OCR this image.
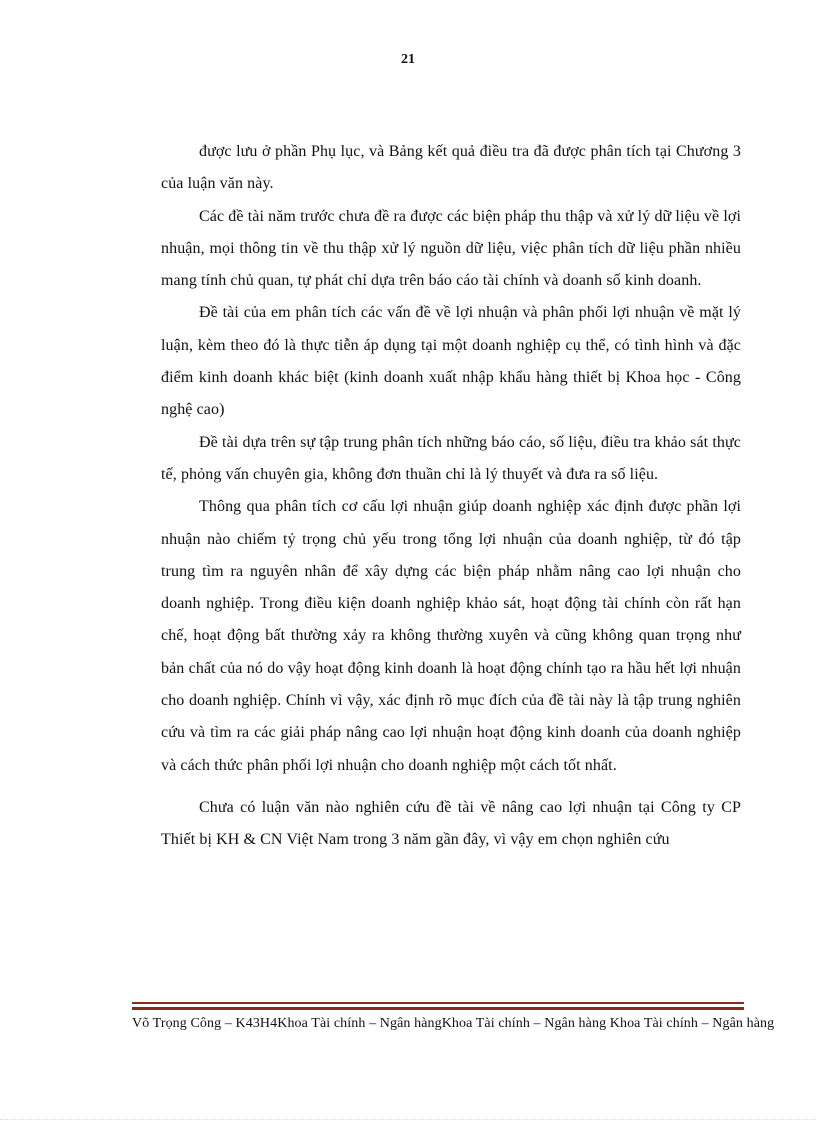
21

được lưu ở phần Phụ lục, và Bảng kết quả điều tra đã được phân tích tại Chương 3 của luận văn này.

Các đề tài năm trước chưa đề ra được các biện pháp thu thập và xử lý dữ liệu về lợi nhuận, mọi thông tin về thu thập xử lý nguồn dữ liệu, việc phân tích dữ liệu phần nhiều mang tính chủ quan, tự phát chỉ dựa trên báo cáo tài chính và doanh số kinh doanh.

Đề tài của em phân tích các vấn đề về lợi nhuận và phân phối lợi nhuận về mặt lý luận, kèm theo đó là thực tiễn áp dụng tại một doanh nghiệp cụ thể, có tình hình và đặc điểm kinh doanh khác biệt (kinh doanh xuất nhập khẩu hàng thiết bị Khoa học - Công nghệ cao)

Đề tài dựa trên sự tập trung phân tích những báo cáo, số liệu, điều tra khảo sát thực tế, phỏng vấn chuyên gia, không đơn thuần chỉ là lý thuyết và đưa ra số liệu.

Thông qua phân tích cơ cấu lợi nhuận giúp doanh nghiệp xác định được phần lợi nhuận nào chiếm tỷ trọng chủ yếu trong tổng lợi nhuận của doanh nghiệp, từ đó tập trung tìm ra nguyên nhân để xây dựng các biện pháp nhằm nâng cao lợi nhuận cho doanh nghiệp. Trong điều kiện doanh nghiệp khảo sát, hoạt động tài chính còn rất hạn chế, hoạt động bất thường xảy ra không thường xuyên và cũng không quan trọng như bản chất của nó do vậy hoạt động kinh doanh là hoạt động chính tạo ra hầu hết lợi nhuận cho doanh nghiệp. Chính vì vậy, xác định rõ mục đích của đề tài này là tập trung nghiên cứu và tìm ra các giải pháp nâng cao lợi nhuận hoạt động kinh doanh của doanh nghiệp và cách thức phân phối lợi nhuận cho doanh nghiệp một cách tốt nhất.

Chưa có luận văn nào nghiên cứu đề tài về nâng cao lợi nhuận tại Công ty CP Thiết bị KH & CN Việt Nam trong 3 năm gần đây, vì vậy em chọn nghiên cứu

Võ Trọng Công – K43H4Khoa Tài chính – Ngân hàngKhoa Tài chính – Ngân hàng Khoa Tài chính – Ngân hàng
